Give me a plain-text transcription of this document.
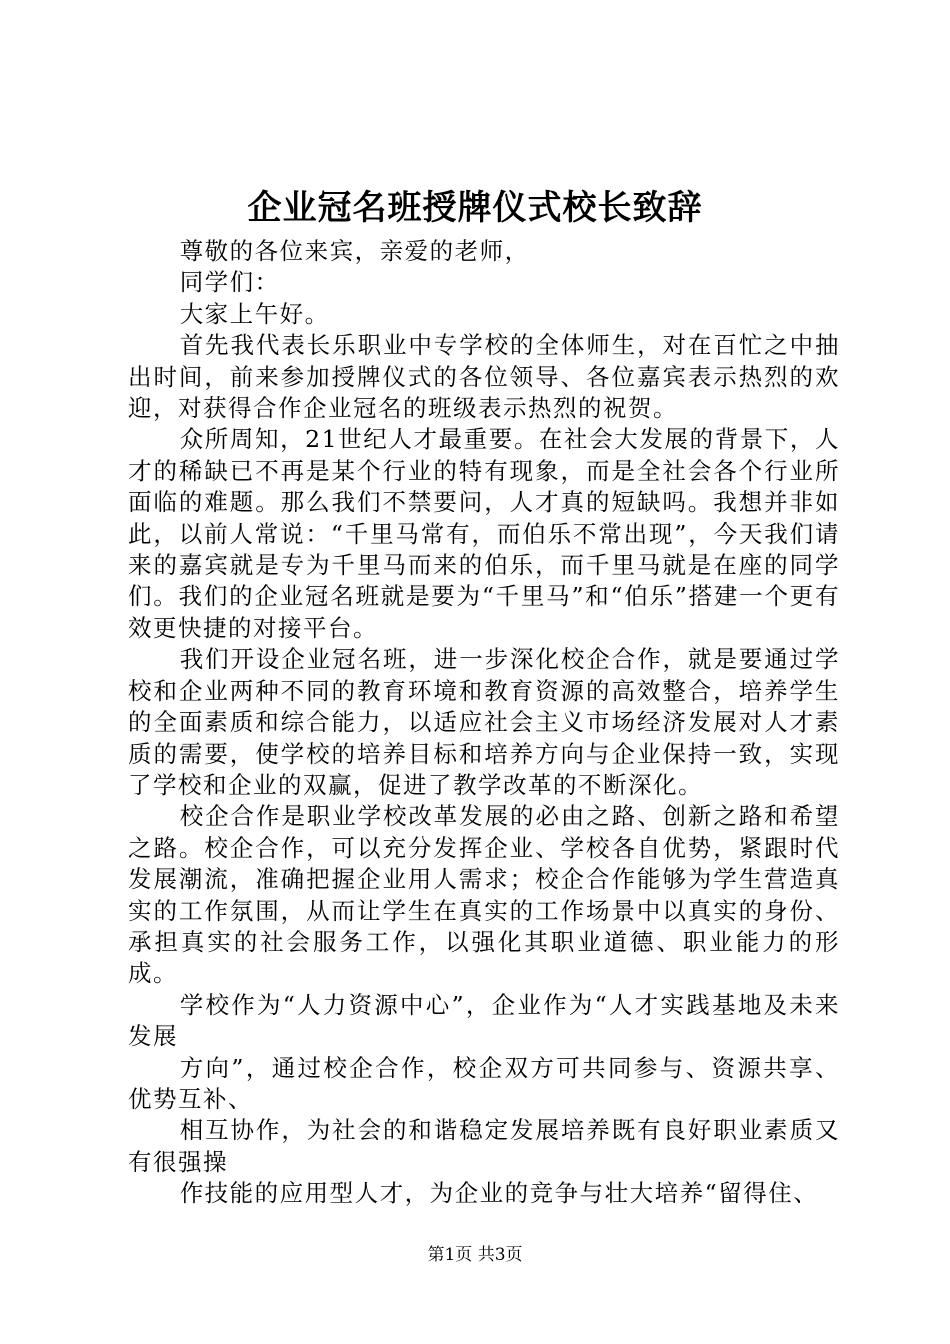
企业冠名班授牌仪式校长致辞

尊敬的各位来宾，亲爱的老师，

同学们：

大家上午好。

首先我代表长乐职业中专学校的全体师生，对在百忙之中抽出时间，前来参加授牌仪式的各位领导、各位嘉宾表示热烈的欢迎，对获得合作企业冠名的班级表示热烈的祝贺。

众所周知，21世纪人才最重要。在社会大发展的背景下，人才的稀缺已不再是某个行业的特有现象，而是全社会各个行业所面临的难题。那么我们不禁要问，人才真的短缺吗。我想并非如此，以前人常说：“千里马常有，而伯乐不常出现”，今天我们请来的嘉宾就是专为千里马而来的伯乐，而千里马就是在座的同学们。我们的企业冠名班就是要为“千里马”和“伯乐”搭建一个更有效更快捷的对接平台。

我们开设企业冠名班，进一步深化校企合作，就是要通过学校和企业两种不同的教育环境和教育资源的高效整合，培养学生的全面素质和综合能力，以适应社会主义市场经济发展对人才素质的需要，使学校的培养目标和培养方向与企业保持一致，实现了学校和企业的双赢，促进了教学改革的不断深化。

校企合作是职业学校改革发展的必由之路、创新之路和希望之路。校企合作，可以充分发挥企业、学校各自优势，紧跟时代发展潮流，准确把握企业用人需求；校企合作能够为学生营造真实的工作氛围，从而让学生在真实的工作场景中以真实的身份、承担真实的社会服务工作，以强化其职业道德、职业能力的形成。

学校作为“人力资源中心”，企业作为“人才实践基地及未来发展

方向”，通过校企合作，校企双方可共同参与、资源共享、优势互补、

相互协作，为社会的和谐稳定发展培养既有良好职业素质又有很强操

作技能的应用型人才，为企业的竞争与壮大培养“留得住、

第1页 共3页
